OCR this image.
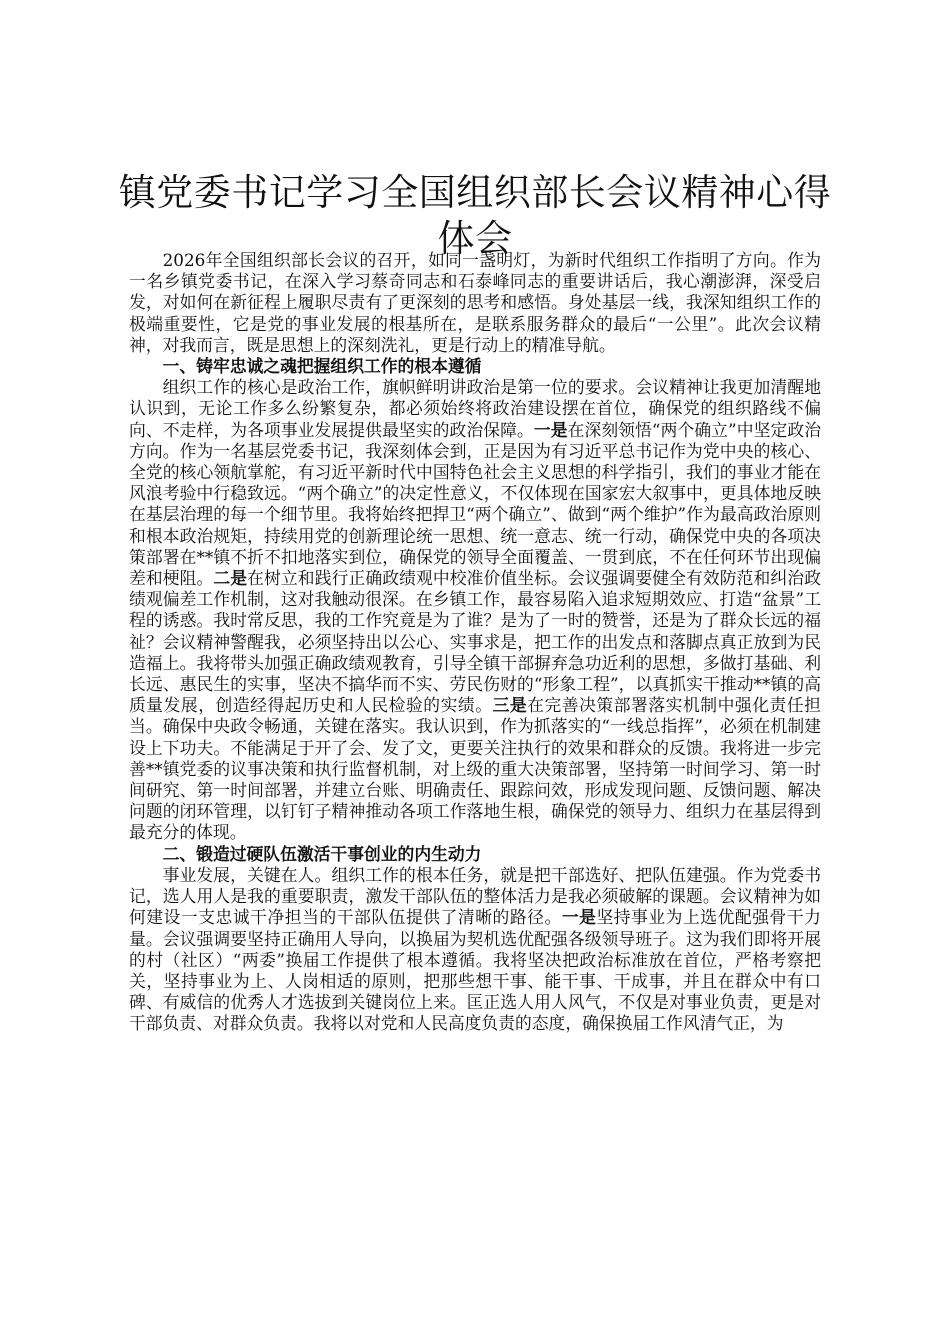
镇党委书记学习全国组织部长会议精神心得体会

2026年全国组织部长会议的召开，如同一盏明灯，为新时代组织工作指明了方向。作为一名乡镇党委书记，在深入学习蔡奇同志和石泰峰同志的重要讲话后，我心潮澎湃，深受启发，对如何在新征程上履职尽责有了更深刻的思考和感悟。身处基层一线，我深知组织工作的极端重要性，它是党的事业发展的根基所在，是联系服务群众的最后“一公里”。此次会议精神，对我而言，既是思想上的深刻洗礼，更是行动上的精准导航。

一、铸牢忠诚之魂把握组织工作的根本遵循

组织工作的核心是政治工作，旗帜鲜明讲政治是第一位的要求。会议精神让我更加清醒地认识到，无论工作多么纷繁复杂，都必须始终将政治建设摆在首位，确保党的组织路线不偏向、不走样，为各项事业发展提供最坚实的政治保障。一是在深刻领悟“两个确立”中坚定政治方向。作为一名基层党委书记，我深刻体会到，正是因为有习近平总书记作为党中央的核心、全党的核心领航掌舵，有习近平新时代中国特色社会主义思想的科学指引，我们的事业才能在风浪考验中行稳致远。“两个确立”的决定性意义，不仅体现在国家宏大叙事中，更具体地反映在基层治理的每一个细节里。我将始终把捍卫“两个确立”、做到“两个维护”作为最高政治原则和根本政治规矩，持续用党的创新理论统一思想、统一意志、统一行动，确保党中央的各项决策部署在**镇不折不扣地落实到位，确保党的领导全面覆盖、一贯到底，不在任何环节出现偏差和梗阻。二是在树立和践行正确政绩观中校准价值坐标。会议强调要健全有效防范和纠治政绩观偏差工作机制，这对我触动很深。在乡镇工作，最容易陷入追求短期效应、打造“盆景”工程的诱惑。我时常反思，我的工作究竟是为了谁？是为了一时的赞誉，还是为了群众长远的福祉？会议精神警醒我，必须坚持出以公心、实事求是，把工作的出发点和落脚点真正放到为民造福上。我将带头加强正确政绩观教育，引导全镇干部摒弃急功近利的思想，多做打基础、利长远、惠民生的实事，坚决不搞华而不实、劳民伤财的“形象工程”，以真抓实干推动**镇的高质量发展，创造经得起历史和人民检验的实绩。三是在完善决策部署落实机制中强化责任担当。确保中央政令畅通，关键在落实。我认识到，作为抓落实的“一线总指挥”，必须在机制建设上下功夫。不能满足于开了会、发了文，更要关注执行的效果和群众的反馈。我将进一步完善**镇党委的议事决策和执行监督机制，对上级的重大决策部署，坚持第一时间学习、第一时间研究、第一时间部署，并建立台账、明确责任、跟踪问效，形成发现问题、反馈问题、解决问题的闭环管理，以钉钉子精神推动各项工作落地生根，确保党的领导力、组织力在基层得到最充分的体现。

二、锻造过硬队伍激活干事创业的内生动力

事业发展，关键在人。组织工作的根本任务，就是把干部选好、把队伍建强。作为党委书记，选人用人是我的重要职责，激发干部队伍的整体活力是我必须破解的课题。会议精神为如何建设一支忠诚干净担当的干部队伍提供了清晰的路径。一是坚持事业为上选优配强骨干力量。会议强调要坚持正确用人导向，以换届为契机选优配强各级领导班子。这为我们即将开展的村（社区）“两委”换届工作提供了根本遵循。我将坚决把政治标准放在首位，严格考察把关，坚持事业为上、人岗相适的原则，把那些想干事、能干事、干成事，并且在群众中有口碑、有威信的优秀人才选拔到关键岗位上来。匡正选人用人风气，不仅是对事业负责，更是对干部负责、对群众负责。我将以对党和人民高度负责的态度，确保换届工作风清气正，为
